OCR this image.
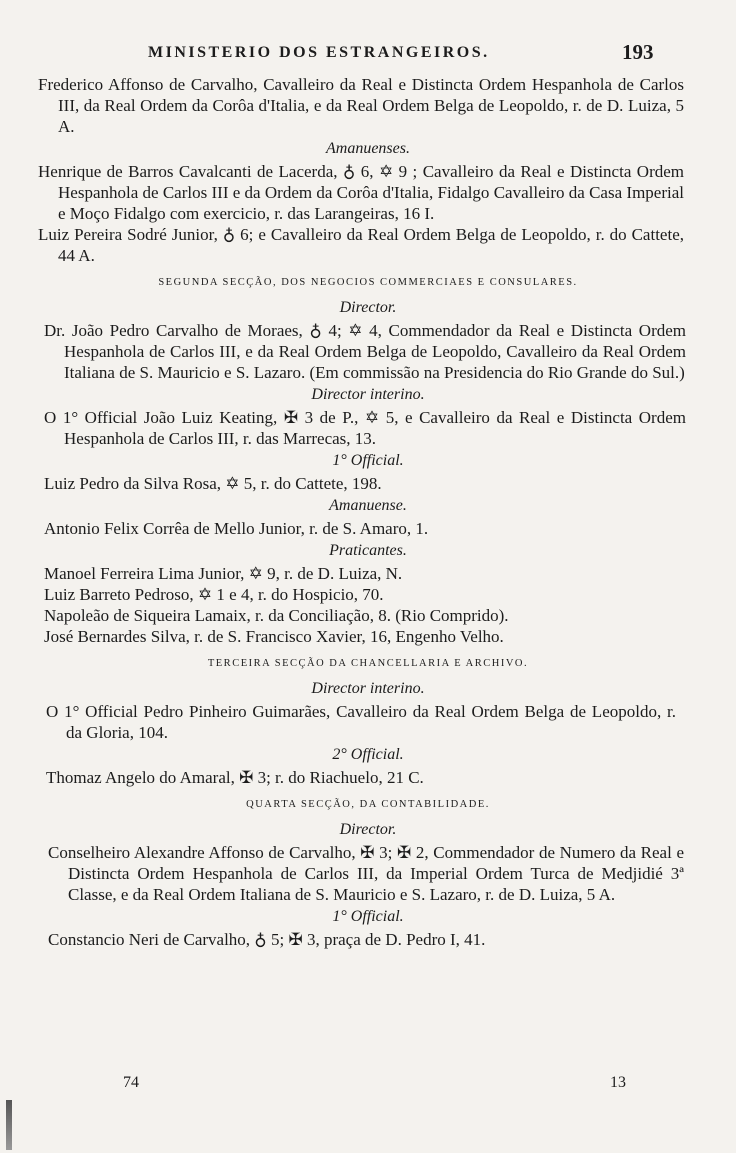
MINISTERIO DOS ESTRANGEIROS.	193

Frederico Affonso de Carvalho, Cavalleiro da Real e Distincta Ordem Hespanhola de Carlos III, da Real Ordem da Corôa d'Italia, e da Real Ordem Belga de Leopoldo, r. de D. Luiza, 5 A.

Amanuenses.

Henrique de Barros Cavalcanti de Lacerda, ♁ 6, ✡ 9 ; Cavalleiro da Real e Distincta Ordem Hespanhola de Carlos III e da Ordem da Corôa d'Italia, Fidalgo Cavalleiro da Casa Imperial e Moço Fidalgo com exercicio, r. das Larangeiras, 16 I.

Luiz Pereira Sodré Junior, ♁ 6; e Cavalleiro da Real Ordem Belga de Leopoldo, r. do Cattete, 44 A.

SEGUNDA SECÇÃO, DOS NEGOCIOS COMMERCIAES E CONSULARES.

Director.

Dr. João Pedro Carvalho de Moraes, ♁ 4; ✡ 4, Commendador da Real e Distincta Ordem Hespanhola de Carlos III, e da Real Ordem Belga de Leopoldo, Cavalleiro da Real Ordem Italiana de S. Mauricio e S. Lazaro. (Em commissão na Presidencia do Rio Grande do Sul.)

Director interino.

O 1° Official João Luiz Keating, ✠ 3 de P., ✡ 5, e Cavalleiro da Real e Distincta Ordem Hespanhola de Carlos III, r. das Marrecas, 13.

1° Official.

Luiz Pedro da Silva Rosa, ✡ 5, r. do Cattete, 198.

Amanuense.

Antonio Felix Corrêa de Mello Junior, r. de S. Amaro, 1.

Praticantes.

Manoel Ferreira Lima Junior, ✡ 9, r. de D. Luiza, N.

Luiz Barreto Pedroso, ✡ 1 e 4, r. do Hospicio, 70.

Napoleão de Siqueira Lamaix, r. da Conciliação, 8. (Rio Comprido).

José Bernardes Silva, r. de S. Francisco Xavier, 16, Engenho Velho.

TERCEIRA SECÇÃO DA CHANCELLARIA E ARCHIVO.

Director interino.

O 1° Official Pedro Pinheiro Guimarães, Cavalleiro da Real Ordem Belga de Leopoldo, r. da Gloria, 104.

2° Official.

Thomaz Angelo do Amaral, ✠ 3; r. do Riachuelo, 21 C.

QUARTA SECÇÃO, DA CONTABILIDADE.

Director.

Conselheiro Alexandre Affonso de Carvalho, ✠ 3; ✠ 2, Commendador de Numero da Real e Distincta Ordem Hespanhola de Carlos III, da Imperial Ordem Turca de Medjidié 3ª Classe, e da Real Ordem Italiana de S. Mauricio e S. Lazaro, r. de D. Luiza, 5 A.

1° Official.

Constancio Neri de Carvalho, ♁ 5; ✠ 3, praça de D. Pedro I, 41.

74	13
